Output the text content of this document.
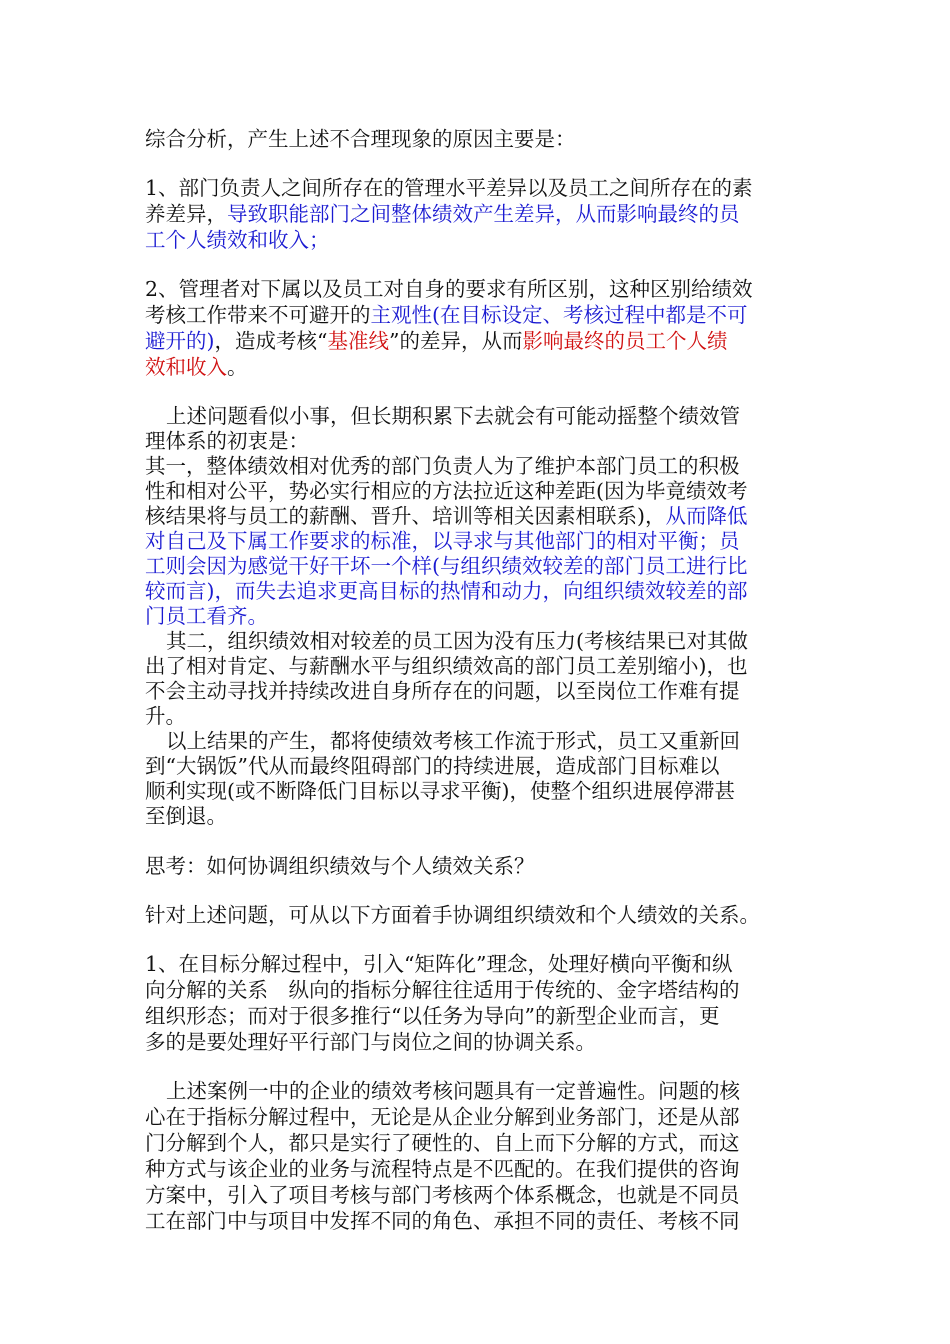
综合分析，产生上述不合理现象的原因主要是：
1、部门负责人之间所存在的管理水平差异以及员工之间所存在的素
养差异，导致职能部门之间整体绩效产生差异，从而影响最终的员
工个人绩效和收入；
2、管理者对下属以及员工对自身的要求有所区别，这种区别给绩效
考核工作带来不可避开的主观性(在目标设定、考核过程中都是不可
避开的)，造成考核“基准线”的差异，从而影响最终的员工个人绩
效和收入。
上述问题看似小事，但长期积累下去就会有可能动摇整个绩效管
理体系的初衷是：
其一，整体绩效相对优秀的部门负责人为了维护本部门员工的积极
性和相对公平，势必实行相应的方法拉近这种差距(因为毕竟绩效考
核结果将与员工的薪酬、晋升、培训等相关因素相联系)，从而降低
对自己及下属工作要求的标准，以寻求与其他部门的相对平衡；员
工则会因为感觉干好干坏一个样(与组织绩效较差的部门员工进行比
较而言)，而失去追求更高目标的热情和动力，向组织绩效较差的部
门员工看齐。
其二，组织绩效相对较差的员工因为没有压力(考核结果已对其做
出了相对肯定、与薪酬水平与组织绩效高的部门员工差别缩小)，也
不会主动寻找并持续改进自身所存在的问题，以至岗位工作难有提
升。
以上结果的产生，都将使绩效考核工作流于形式，员工又重新回
到“大锅饭”代从而最终阻碍部门的持续进展，造成部门目标难以
顺利实现(或不断降低门目标以寻求平衡)，使整个组织进展停滞甚
至倒退。
思考：如何协调组织绩效与个人绩效关系？
针对上述问题，可从以下方面着手协调组织绩效和个人绩效的关系。
1、在目标分解过程中，引入“矩阵化”理念，处理好横向平衡和纵
向分解的关系　纵向的指标分解往往适用于传统的、金字塔结构的
组织形态；而对于很多推行“以任务为导向”的新型企业而言，更
多的是要处理好平行部门与岗位之间的协调关系。
上述案例一中的企业的绩效考核问题具有一定普遍性。问题的核
心在于指标分解过程中，无论是从企业分解到业务部门，还是从部
门分解到个人，都只是实行了硬性的、自上而下分解的方式，而这
种方式与该企业的业务与流程特点是不匹配的。在我们提供的咨询
方案中，引入了项目考核与部门考核两个体系概念，也就是不同员
工在部门中与项目中发挥不同的角色、承担不同的责任、考核不同
